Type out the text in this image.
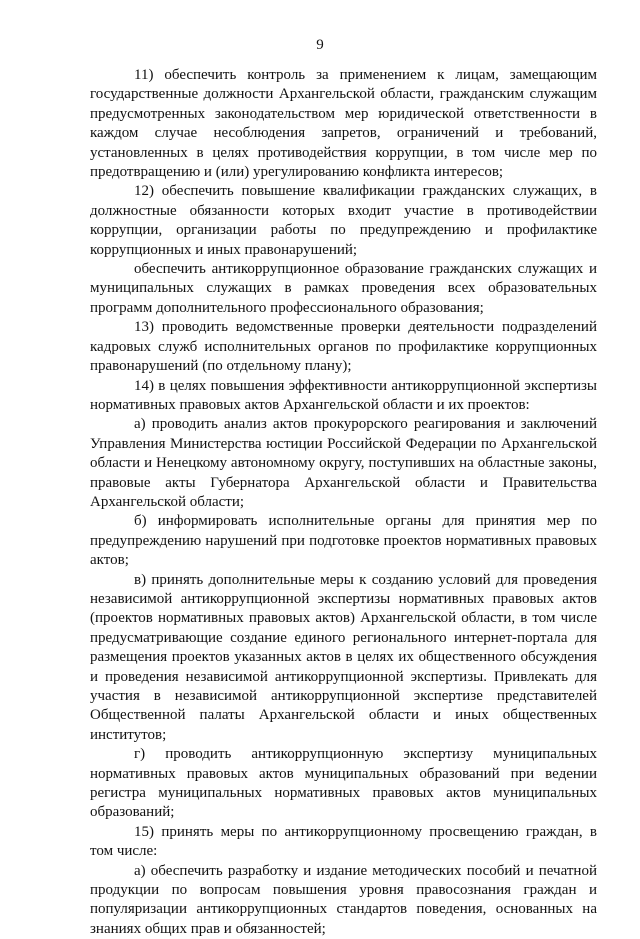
9

11) обеспечить контроль за применением к лицам, замещающим государственные должности Архангельской области, гражданским служащим предусмотренных законодательством мер юридической ответственности в каждом случае несоблюдения запретов, ограничений и требований, установленных в целях противодействия коррупции, в том числе мер по предотвращению и (или) урегулированию конфликта интересов;

12) обеспечить повышение квалификации гражданских служащих, в должностные обязанности которых входит участие в противодействии коррупции, организации работы по предупреждению и профилактике коррупционных и иных правонарушений;

обеспечить антикоррупционное образование гражданских служащих и муниципальных служащих в рамках проведения всех образовательных программ дополнительного профессионального образования;

13) проводить ведомственные проверки деятельности подразделений кадровых служб исполнительных органов по профилактике коррупционных правонарушений (по отдельному плану);

14) в целях повышения эффективности антикоррупционной экспертизы нормативных правовых актов Архангельской области и их проектов:

а) проводить анализ актов прокурорского реагирования и заключений Управления Министерства юстиции Российской Федерации по Архангельской области и Ненецкому автономному округу, поступивших на областные законы, правовые акты Губернатора Архангельской области и Правительства Архангельской области;

б) информировать исполнительные органы для принятия мер по предупреждению нарушений при подготовке проектов нормативных правовых актов;

в) принять дополнительные меры к созданию условий для проведения независимой антикоррупционной экспертизы нормативных правовых актов (проектов нормативных правовых актов) Архангельской области, в том числе предусматривающие создание единого регионального интернет-портала для размещения проектов указанных актов в целях их общественного обсуждения и проведения независимой антикоррупционной экспертизы. Привлекать для участия в независимой антикоррупционной экспертизе представителей Общественной палаты Архангельской области и иных общественных институтов;

г) проводить антикоррупционную экспертизу муниципальных нормативных правовых актов муниципальных образований при ведении регистра муниципальных нормативных правовых актов муниципальных образований;

15) принять меры по антикоррупционному просвещению граждан, в том числе:

а) обеспечить разработку и издание методических пособий и печатной продукции по вопросам повышения уровня правосознания граждан и популяризации антикоррупционных стандартов поведения, основанных на знаниях общих прав и обязанностей;
